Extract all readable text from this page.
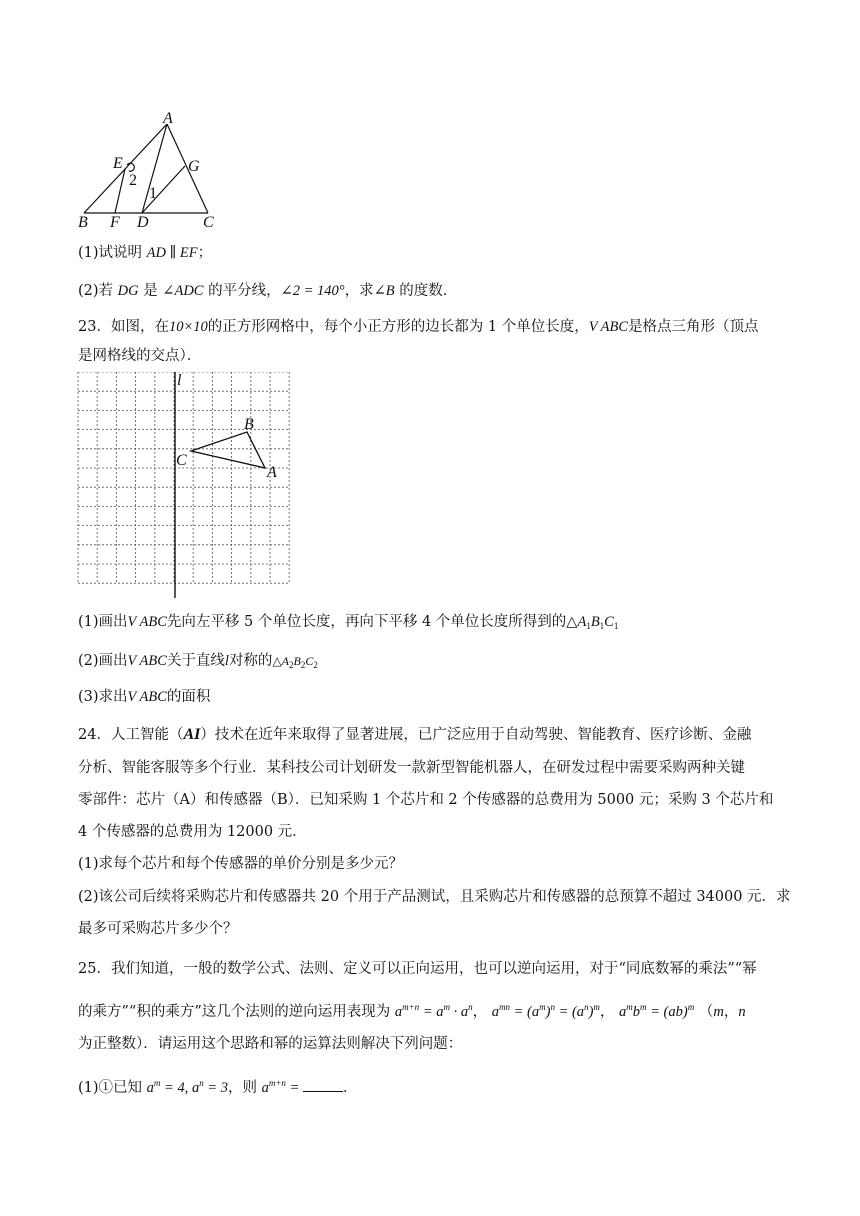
A
E	G
2
1
B F D	C
(1)试说明 AD ∥ EF；
(2)若 DG 是 ∠ADC 的平分线，∠2 = 140°，求∠B 的度数．
23．如图，在10×10的正方形网格中，每个小正方形的边长都为 1 个单位长度，V ABC是格点三角形（顶点
是网格线的交点）．
l
B
C
A
(1)画出V ABC先向左平移 5 个单位长度，再向下平移 4 个单位长度所得到的$\triangle A_1B_1C_1$
(2)画出V ABC关于直线l对称的$\triangle A_2B_2C_2$
(3)求出V ABC的面积
24．人工智能（AI）技术在近年来取得了显著进展，已广泛应用于自动驾驶、智能教育、医疗诊断、金融
分析、智能客服等多个行业．某科技公司计划研发一款新型智能机器人，在研发过程中需要采购两种关键
零部件：芯片（A）和传感器（B）．已知采购 1 个芯片和 2 个传感器的总费用为 5000 元；采购 3 个芯片和
4 个传感器的总费用为 12000 元．
(1)求每个芯片和每个传感器的单价分别是多少元？
(2)该公司后续将采购芯片和传感器共 20 个用于产品测试，且采购芯片和传感器的总预算不超过 34000 元．求
最多可采购芯片多少个？
25．我们知道，一般的数学公式、法则、定义可以正向运用，也可以逆向运用，对于“同底数幂的乘法”“幂
的乘方”“积的乘方”这几个法则的逆向运用表现为 $a^{m+n} = a^m \cdot a^n$， $a^{mn} = (a^m)^n = (a^n)^m$， $a^mb^m = (ab)^m$ （m，n
为正整数）．请运用这个思路和幂的运算法则解决下列问题：
(1)①已知 $a^m = 4$, $a^n = 3$，则 $a^{m+n}$ =	．
